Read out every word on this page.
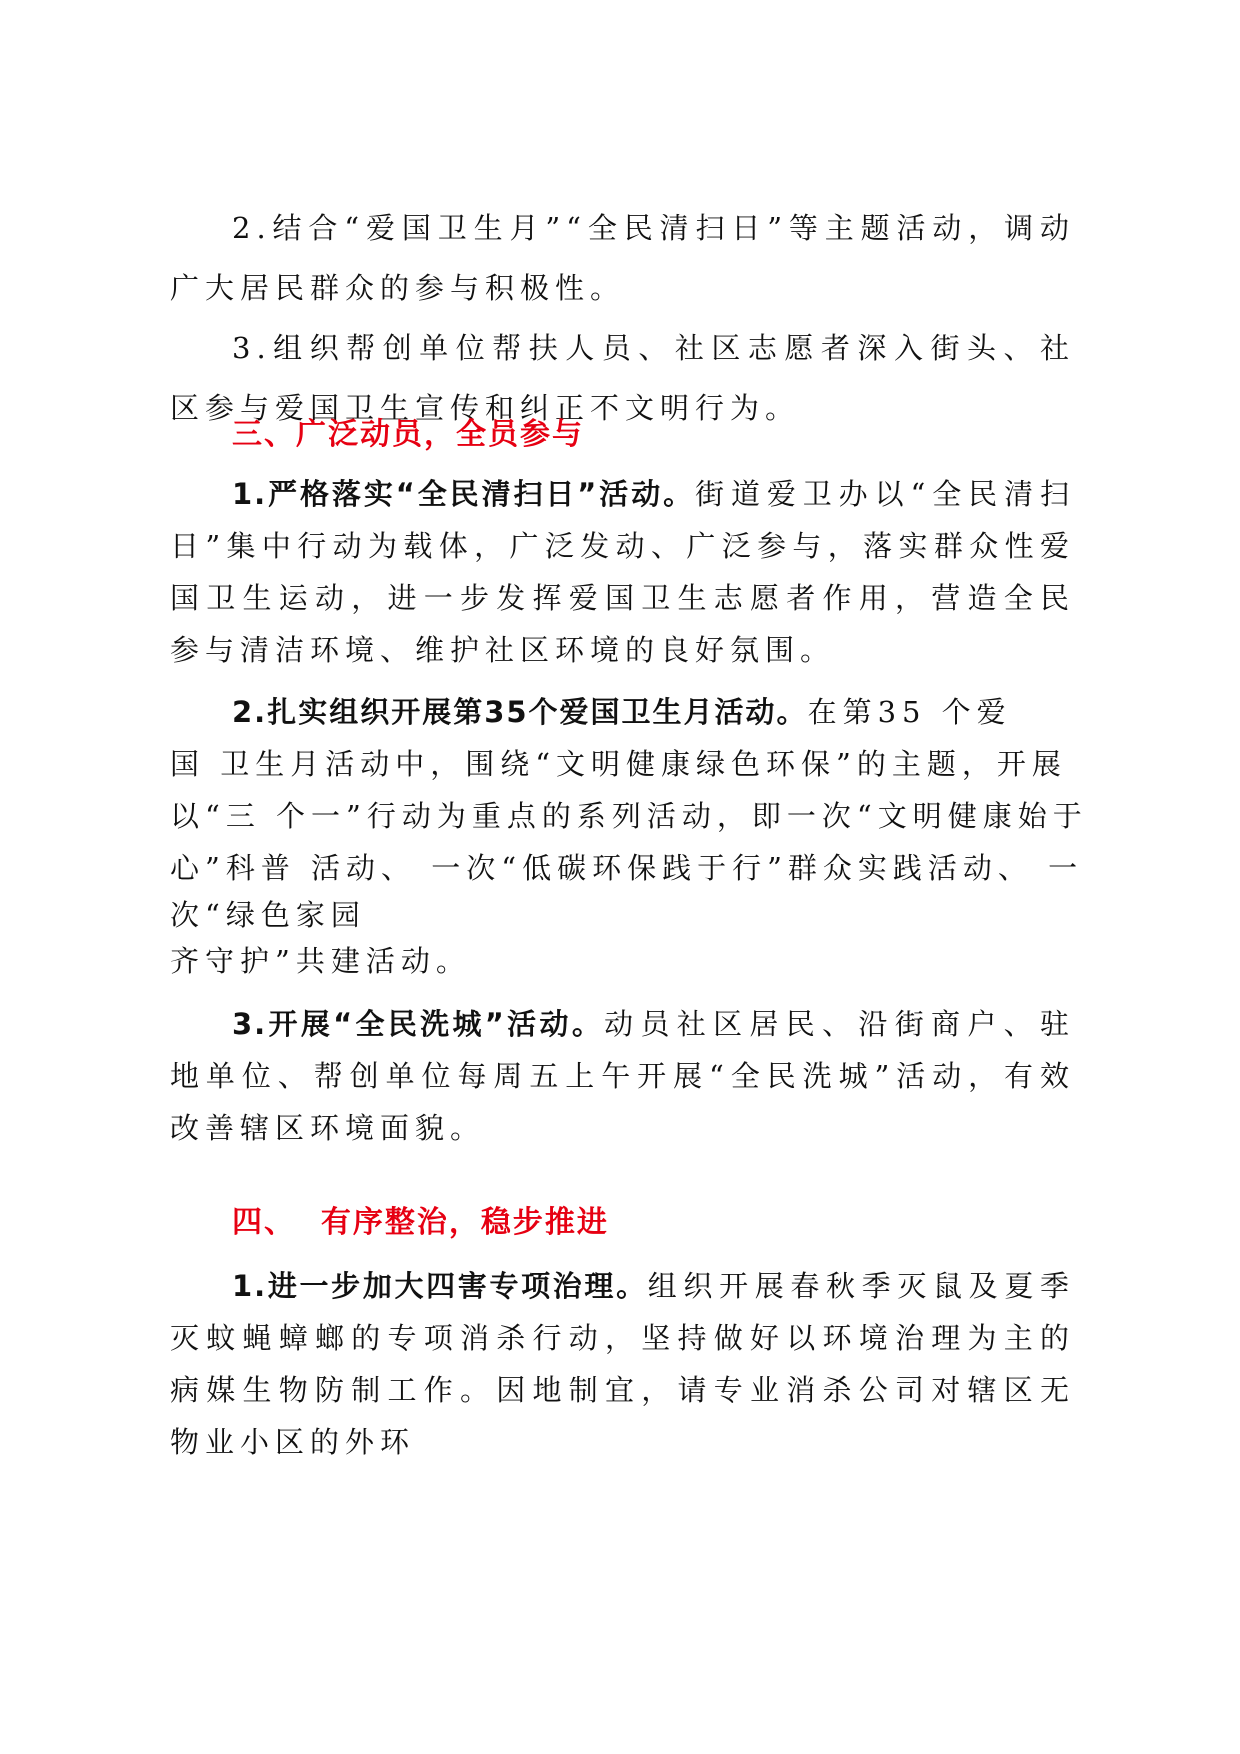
2.结合“爱国卫生月”“全民清扫日”等主题活动，调动广大居民群众的参与积极性。

3.组织帮创单位帮扶人员、社区志愿者深入街头、社区参与爱国卫生宣传和纠正不文明行为。

三、广泛动员，全员参与

1.严格落实“全民清扫日”活动。街道爱卫办以“全民清扫日”集中行动为载体，广泛发动、广泛参与，落实群众性爱国卫生运动，进一步发挥爱国卫生志愿者作用，营造全民参与清洁环境、维护社区环境的良好氛围。

2.扎实组织开展第35个爱国卫生月活动。在第35 个爱
国 卫生月活动中，围绕“文明健康绿色环保”的主题，开展
以“三 个一”行动为重点的系列活动，即一次“文明健康始于
心”科普 活动、 一次“低碳环保践于行”群众实践活动、 一
次“绿色家园
齐守护”共建活动。

3.开展“全民洗城”活动。动员社区居民、沿街商户、驻地单位、帮创单位每周五上午开展“全民洗城”活动，有效改善辖区环境面貌。

四、  有序整治，稳步推进

1.进一步加大四害专项治理。组织开展春秋季灭鼠及夏季灭蚊蝇蟑螂的专项消杀行动，坚持做好以环境治理为主的病媒生物防制工作。因地制宜，请专业消杀公司对辖区无物业小区的外环
